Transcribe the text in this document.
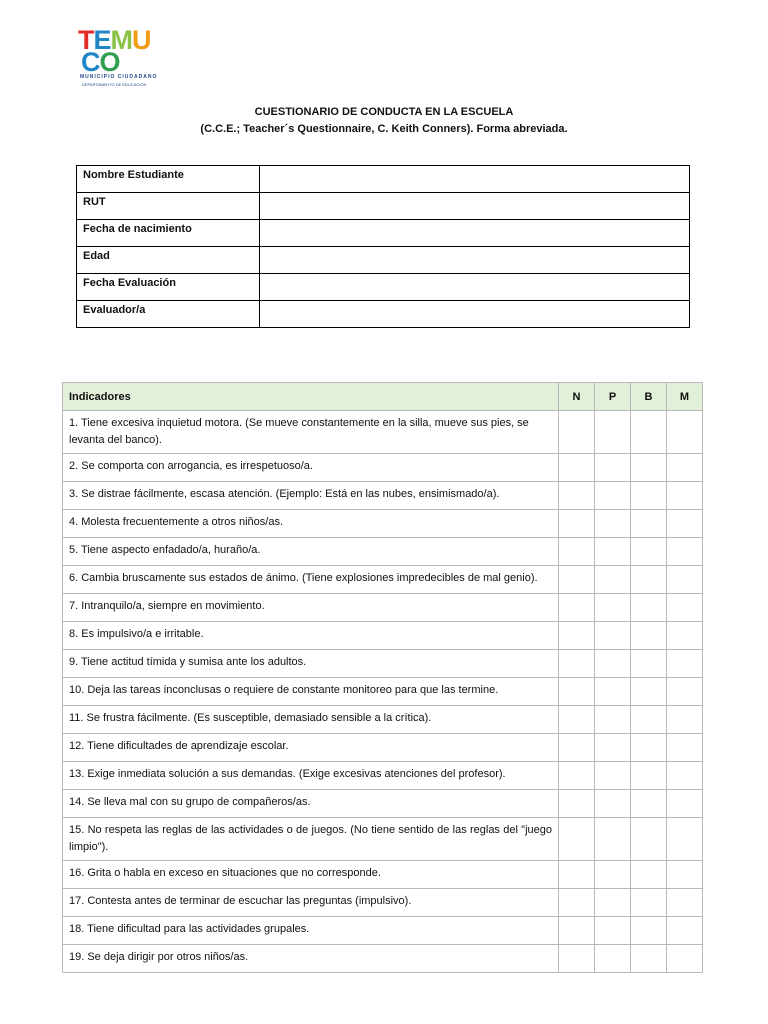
TEMU
CO
MUNICIPIO CIUDADANO
DEPARTAMENTO DE EDUCACIÓN
CUESTIONARIO DE CONDUCTA EN LA ESCUELA
(C.C.E.; Teacher´s Questionnaire, C. Keith Conners). Forma abreviada.
Nombre Estudiante	
RUT	
Fecha de nacimiento	
Edad	
Fecha Evaluación	
Evaluador/a	
Indicadores	N	P	B	M
1. Tiene excesiva inquietud motora. (Se mueve constantemente en la silla, mueve sus pies, se levanta del banco).				
2. Se comporta con arrogancia, es irrespetuoso/a.				
3. Se distrae fácilmente, escasa atención. (Ejemplo: Está en las nubes, ensimismado/a).				
4. Molesta frecuentemente a otros niños/as.				
5. Tiene aspecto enfadado/a, huraño/a.				
6. Cambia bruscamente sus estados de ánimo. (Tiene explosiones impredecibles de mal genio).				
7. Intranquilo/a, siempre en movimiento.				
8. Es impulsivo/a e irritable.				
9. Tiene actitud tímida y sumisa ante los adultos.				
10. Deja las tareas inconclusas o requiere de constante monitoreo para que las termine.				
11. Se frustra fácilmente. (Es susceptible, demasiado sensible a la crítica).				
12. Tiene dificultades de aprendizaje escolar.				
13. Exige inmediata solución a sus demandas. (Exige excesivas atenciones del profesor).				
14. Se lleva mal con su grupo de compañeros/as.				
15. No respeta las reglas de las actividades o de juegos. (No tiene sentido de las reglas del "juego limpio").				
16. Grita o habla en exceso en situaciones que no corresponde.				
17. Contesta antes de terminar de escuchar las preguntas (impulsivo).				
18. Tiene dificultad para las actividades grupales.				
19. Se deja dirigir por otros niños/as.				
